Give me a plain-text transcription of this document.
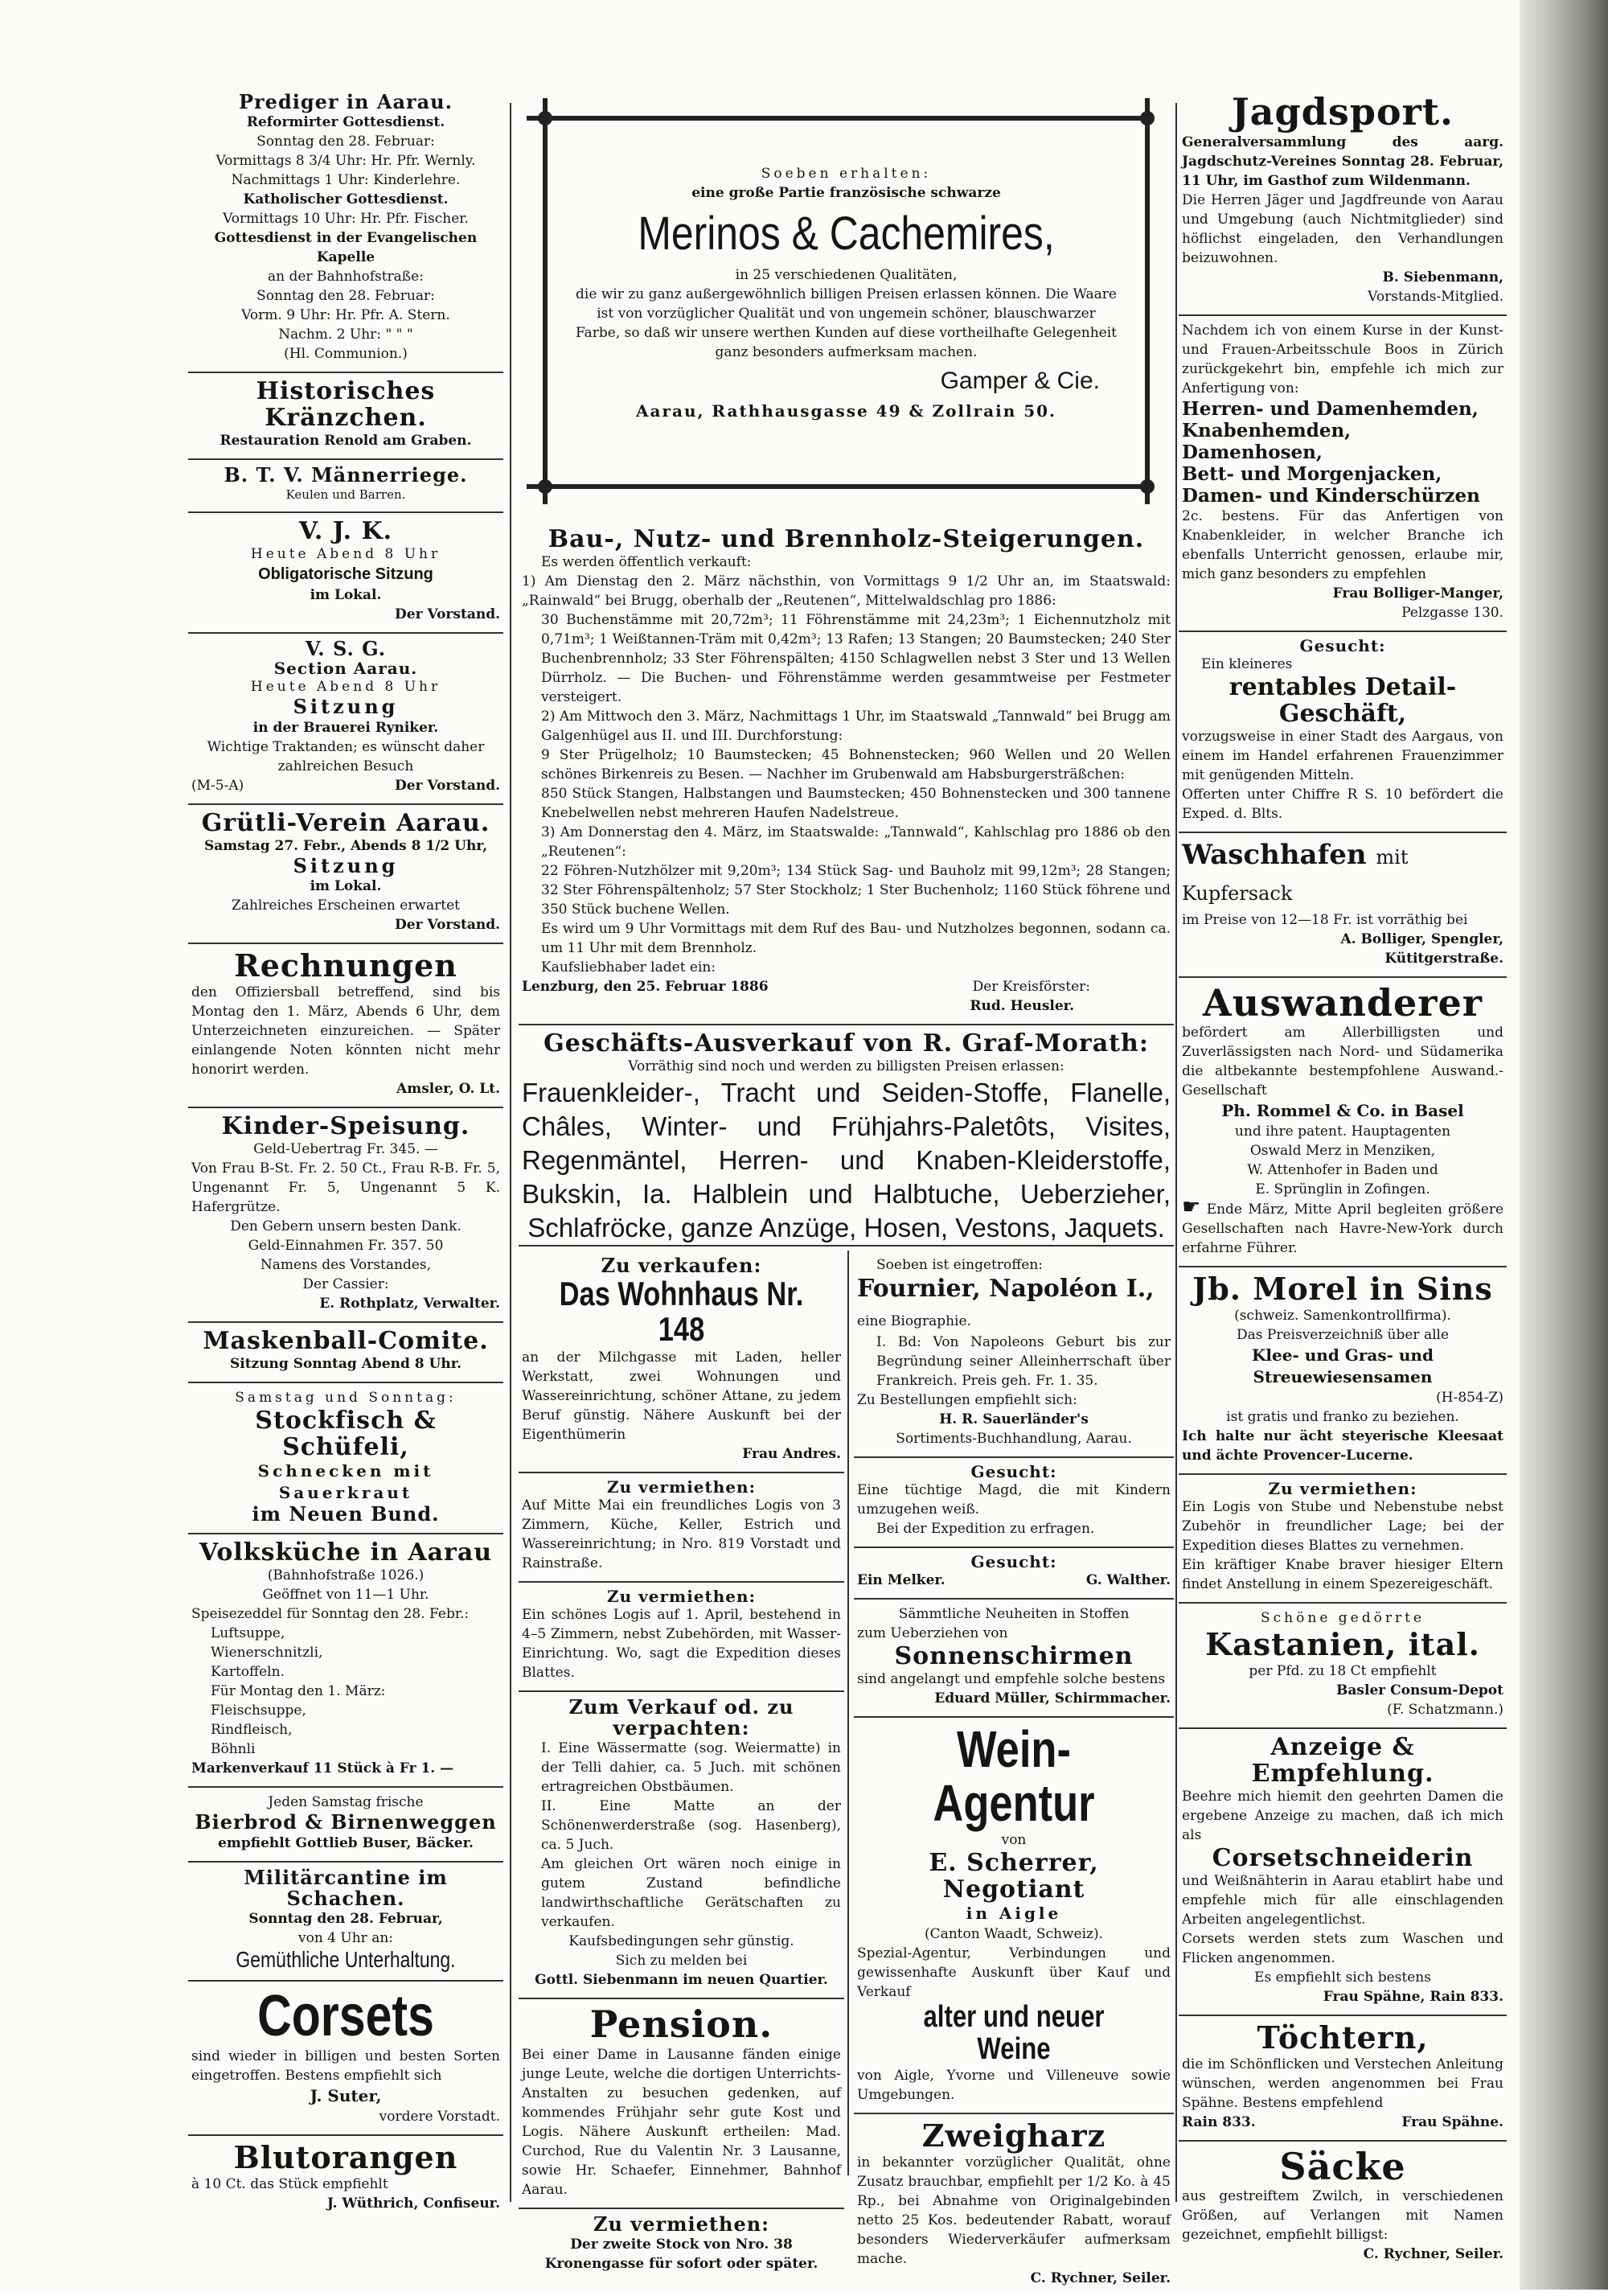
Prediger in Aarau.

Reformirter Gottesdienst.

Sonntag den 28. Februar:

Vormittags 8 3/4 Uhr: Hr. Pfr. Wernly.

Nachmittags 1 Uhr: Kinderlehre.

Katholischer Gottesdienst.

Vormittags 10 Uhr: Hr. Pfr. Fischer.

Gottesdienst in der Evangelischen Kapelle

an der Bahnhofstraße:

Sonntag den 28. Februar:

Vorm. 9 Uhr: Hr. Pfr. A. Stern.

Nachm. 2 Uhr: " " "

(Hl. Communion.)

Historisches Kränzchen.

Restauration Renold am Graben.

B. T. V. Männerriege.

Keulen und Barren.

V. J. K.

Heute Abend 8 Uhr

Obligatorische Sitzung

im Lokal.

Der Vorstand.

V. S. G.

Section Aarau.

Heute Abend 8 Uhr

Sitzung

in der Brauerei Ryniker.

Wichtige Traktanden; es wünscht daher zahlreichen Besuch

(M-5-A)	Der Vorstand.

Grütli-Verein Aarau.

Samstag 27. Febr., Abends 8 1/2 Uhr,

Sitzung

im Lokal.

Zahlreiches Erscheinen erwartet

Der Vorstand.

Rechnungen

den Offiziersball betreffend, sind bis Montag den 1. März, Abends 6 Uhr, dem Unterzeichneten einzureichen. — Später einlangende Noten könnten nicht mehr honorirt werden.

Amsler, O. Lt.

Kinder-Speisung.

Geld-Uebertrag Fr. 345. —

Von Frau B-St. Fr. 2. 50 Ct., Frau R-B. Fr. 5, Ungenannt Fr. 5, Ungenannt 5 K. Hafergrütze.

Den Gebern unsern besten Dank.

Geld-Einnahmen Fr. 357. 50

Namens des Vorstandes,

Der Cassier:

E. Rothplatz, Verwalter.

Maskenball-Comite.

Sitzung Sonntag Abend 8 Uhr.

Samstag und Sonntag:

Stockfisch & Schüfeli,

Schnecken mit Sauerkraut

im Neuen Bund.

Volksküche in Aarau

(Bahnhofstraße 1026.)

Geöffnet von 11—1 Uhr.

Speisezeddel für Sonntag den 28. Febr.:

Luftsuppe,

Wienerschnitzli,

Kartoffeln.

Für Montag den 1. März:

Fleischsuppe,

Rindfleisch,

Böhnli

Markenverkauf 11 Stück à Fr 1. —

Jeden Samstag frische

Bierbrod & Birnenweggen

empfiehlt Gottlieb Buser, Bäcker.

Militärcantine im Schachen.

Sonntag den 28. Februar,

von 4 Uhr an:

Gemüthliche Unterhaltung.

Corsets

sind wieder in billigen und besten Sorten eingetroffen. Bestens empfiehlt sich

J. Suter,

vordere Vorstadt.

Blutorangen

à 10 Ct. das Stück empfiehlt

J. Wüthrich, Confiseur.

Soeben erhalten:

eine große Partie französische schwarze

Merinos & Cachemires,

in 25 verschiedenen Qualitäten,

die wir zu ganz außergewöhnlich billigen Preisen erlassen können. Die Waare ist von vorzüglicher Qualität und von ungemein schöner, blauschwarzer Farbe, so daß wir unsere werthen Kunden auf diese vortheilhafte Gelegenheit ganz besonders aufmerksam machen.

Gamper & Cie.

Aarau, Rathhausgasse 49 & Zollrain 50.

Bau-, Nutz- und Brennholz-Steigerungen.

Es werden öffentlich verkauft:

1) Am Dienstag den 2. März nächsthin, von Vormittags 9 1/2 Uhr an, im Staatswald: „Rainwald“ bei Brugg, oberhalb der „Reutenen“, Mittelwaldschlag pro 1886:

30 Buchenstämme mit 20,72m³; 11 Föhrenstämme mit 24,23m³; 1 Eichennutzholz mit 0,71m³; 1 Weißtannen-Träm mit 0,42m³; 13 Rafen; 13 Stangen; 20 Baumstecken; 240 Ster Buchenbrennholz; 33 Ster Föhrenspälten; 4150 Schlagwellen nebst 3 Ster und 13 Wellen Dürrholz. — Die Buchen- und Föhrenstämme werden gesammtweise per Festmeter versteigert.

2) Am Mittwoch den 3. März, Nachmittags 1 Uhr, im Staatswald „Tannwald“ bei Brugg am Galgenhügel aus II. und III. Durchforstung:

9 Ster Prügelholz; 10 Baumstecken; 45 Bohnenstecken; 960 Wellen und 20 Wellen schönes Birkenreis zu Besen. — Nachher im Grubenwald am Habsburgersträßchen:

850 Stück Stangen, Halbstangen und Baumstecken; 450 Bohnenstecken und 300 tannene Knebelwellen nebst mehreren Haufen Nadelstreue.

3) Am Donnerstag den 4. März, im Staatswalde: „Tannwald“, Kahlschlag pro 1886 ob den „Reutenen“:

22 Föhren-Nutzhölzer mit 9,20m³; 134 Stück Sag- und Bauholz mit 99,12m³; 28 Stangen; 32 Ster Föhrenspältenholz; 57 Ster Stockholz; 1 Ster Buchenholz; 1160 Stück föhrene und 350 Stück buchene Wellen.

Es wird um 9 Uhr Vormittags mit dem Ruf des Bau- und Nutzholzes begonnen, sodann ca. um 11 Uhr mit dem Brennholz.

Kaufsliebhaber ladet ein:

Lenzburg, den 25. Februar 1886	Der Kreisförster:

Rud. Heusler.

Geschäfts-Ausverkauf von R. Graf-Morath:

Vorräthig sind noch und werden zu billigsten Preisen erlassen:

Frauenkleider-, Tracht und Seiden-Stoffe, Flanelle, Châles, Winter- und Frühjahrs-Paletôts, Visites, Regenmäntel, Herren- und Knaben-Kleiderstoffe, Bukskin, Ia. Halblein und Halbtuche, Ueberzieher, Schlafröcke, ganze Anzüge, Hosen, Vestons, Jaquets.

Zu verkaufen:

Das Wohnhaus Nr. 148

an der Milchgasse mit Laden, heller Werkstatt, zwei Wohnungen und Wassereinrichtung, schöner Attane, zu jedem Beruf günstig. Nähere Auskunft bei der Eigenthümerin

Frau Andres.

Zu vermiethen:

Auf Mitte Mai ein freundliches Logis von 3 Zimmern, Küche, Keller, Estrich und Wassereinrichtung; in Nro. 819 Vorstadt und Rainstraße.

Zu vermiethen:

Ein schönes Logis auf 1. April, bestehend in 4–5 Zimmern, nebst Zubehörden, mit Wasser-Einrichtung. Wo, sagt die Expedition dieses Blattes.

Zum Verkauf od. zu verpachten:

I. Eine Wässermatte (sog. Weiermatte) in der Telli dahier, ca. 5 Juch. mit schönen ertragreichen Obstbäumen.

II. Eine Matte an der Schönenwerderstraße (sog. Hasenberg), ca. 5 Juch.

Am gleichen Ort wären noch einige in gutem Zustand befindliche landwirthschaftliche Gerätschaften zu verkaufen.

Kaufsbedingungen sehr günstig.

Sich zu melden bei

Gottl. Siebenmann im neuen Quartier.

Pension.

Bei einer Dame in Lausanne fänden einige junge Leute, welche die dortigen Unterrichts-Anstalten zu besuchen gedenken, auf kommendes Frühjahr sehr gute Kost und Logis. Nähere Auskunft ertheilen: Mad. Curchod, Rue du Valentin Nr. 3 Lausanne, sowie Hr. Schaefer, Einnehmer, Bahnhof Aarau.

Zu vermiethen:

Der zweite Stock von Nro. 38 Kronengasse für sofort oder später.

Soeben ist eingetroffen:

Fournier, Napoléon I., eine Biographie.

I. Bd: Von Napoleons Geburt bis zur Begründung seiner Alleinherrschaft über Frankreich. Preis geh. Fr. 1. 35.

Zu Bestellungen empfiehlt sich:

H. R. Sauerländer's

Sortiments-Buchhandlung, Aarau.

Gesucht:

Eine tüchtige Magd, die mit Kindern umzugehen weiß.

Bei der Expedition zu erfragen.

Gesucht:

Ein Melker.	G. Walther.

Sämmtliche Neuheiten in Stoffen

zum Ueberziehen von

Sonnenschirmen

sind angelangt und empfehle solche bestens

Eduard Müller, Schirmmacher.

Wein-Agentur

von

E. Scherrer, Negotiant

in Aigle

(Canton Waadt, Schweiz).

Spezial-Agentur, Verbindungen und gewissenhafte Auskunft über Kauf und Verkauf

alter und neuer Weine

von Aigle, Yvorne und Villeneuve sowie Umgebungen.

Zweigharz

in bekannter vorzüglicher Qualität, ohne Zusatz brauchbar, empfiehlt per 1/2 Ko. à 45 Rp., bei Abnahme von Originalgebinden netto 25 Kos. bedeutender Rabatt, worauf besonders Wiederverkäufer aufmerksam mache.

C. Rychner, Seiler.

Jagdsport.

Generalversammlung des aarg. Jagdschutz-Vereines Sonntag 28. Februar, 11 Uhr, im Gasthof zum Wildenmann.

Die Herren Jäger und Jagdfreunde von Aarau und Umgebung (auch Nichtmitglieder) sind höflichst eingeladen, den Verhandlungen beizuwohnen.

B. Siebenmann,

Vorstands-Mitglied.

Nachdem ich von einem Kurse in der Kunst- und Frauen-Arbeitsschule Boos in Zürich zurückgekehrt bin, empfehle ich mich zur Anfertigung von:

Herren- und Damenhemden,

Knabenhemden,

Damenhosen,

Bett- und Morgenjacken,

Damen- und Kinderschürzen

2c. bestens. Für das Anfertigen von Knabenkleider, in welcher Branche ich ebenfalls Unterricht genossen, erlaube mir, mich ganz besonders zu empfehlen

Frau Bolliger-Manger,

Pelzgasse 130.

Gesucht:

Ein kleineres

rentables Detail-Geschäft,

vorzugsweise in einer Stadt des Aargaus, von einem im Handel erfahrenen Frauenzimmer mit genügenden Mitteln.

Offerten unter Chiffre R S. 10 befördert die Exped. d. Blts.

Waschhafen mit Kupfersack

im Preise von 12—18 Fr. ist vorräthig bei

A. Bolliger, Spengler,

Kütitgerstraße.

Auswanderer

befördert am Allerbilligsten und Zuverlässigsten nach Nord- und Südamerika die altbekannte bestempfohlene Auswand.-Gesellschaft

Ph. Rommel & Co. in Basel

und ihre patent. Hauptagenten

Oswald Merz in Menziken,

W. Attenhofer in Baden und

E. Sprünglin in Zofingen.

☛ Ende März, Mitte April begleiten größere Gesellschaften nach Havre-New-York durch erfahrne Führer.

Jb. Morel in Sins

(schweiz. Samenkontrollfirma).

Das Preisverzeichniß über alle

Klee- und Gras- und Streuewiesensamen

(H-854-Z)

ist gratis und franko zu beziehen.

Ich halte nur ächt steyerische Kleesaat und ächte Provencer-Lucerne.

Zu vermiethen:

Ein Logis von Stube und Nebenstube nebst Zubehör in freundlicher Lage; bei der Expedition dieses Blattes zu vernehmen.

Ein kräftiger Knabe braver hiesiger Eltern findet Anstellung in einem Spezereigeschäft.

Schöne gedörrte

Kastanien, ital.

per Pfd. zu 18 Ct empfiehlt

Basler Consum-Depot

(F. Schatzmann.)

Anzeige & Empfehlung.

Beehre mich hiemit den geehrten Damen die ergebene Anzeige zu machen, daß ich mich als

Corsetschneiderin

und Weißnähterin in Aarau etablirt habe und empfehle mich für alle einschlagenden Arbeiten angelegentlichst.

Corsets werden stets zum Waschen und Flicken angenommen.

Es empfiehlt sich bestens

Frau Spähne, Rain 833.

Töchtern,

die im Schönflicken und Verstechen Anleitung wünschen, werden angenommen bei Frau Spähne. Bestens empfehlend

Rain 833.	Frau Spähne.

Säcke

aus gestreiftem Zwilch, in verschiedenen Größen, auf Verlangen mit Namen gezeichnet, empfiehlt billigst:

C. Rychner, Seiler.
